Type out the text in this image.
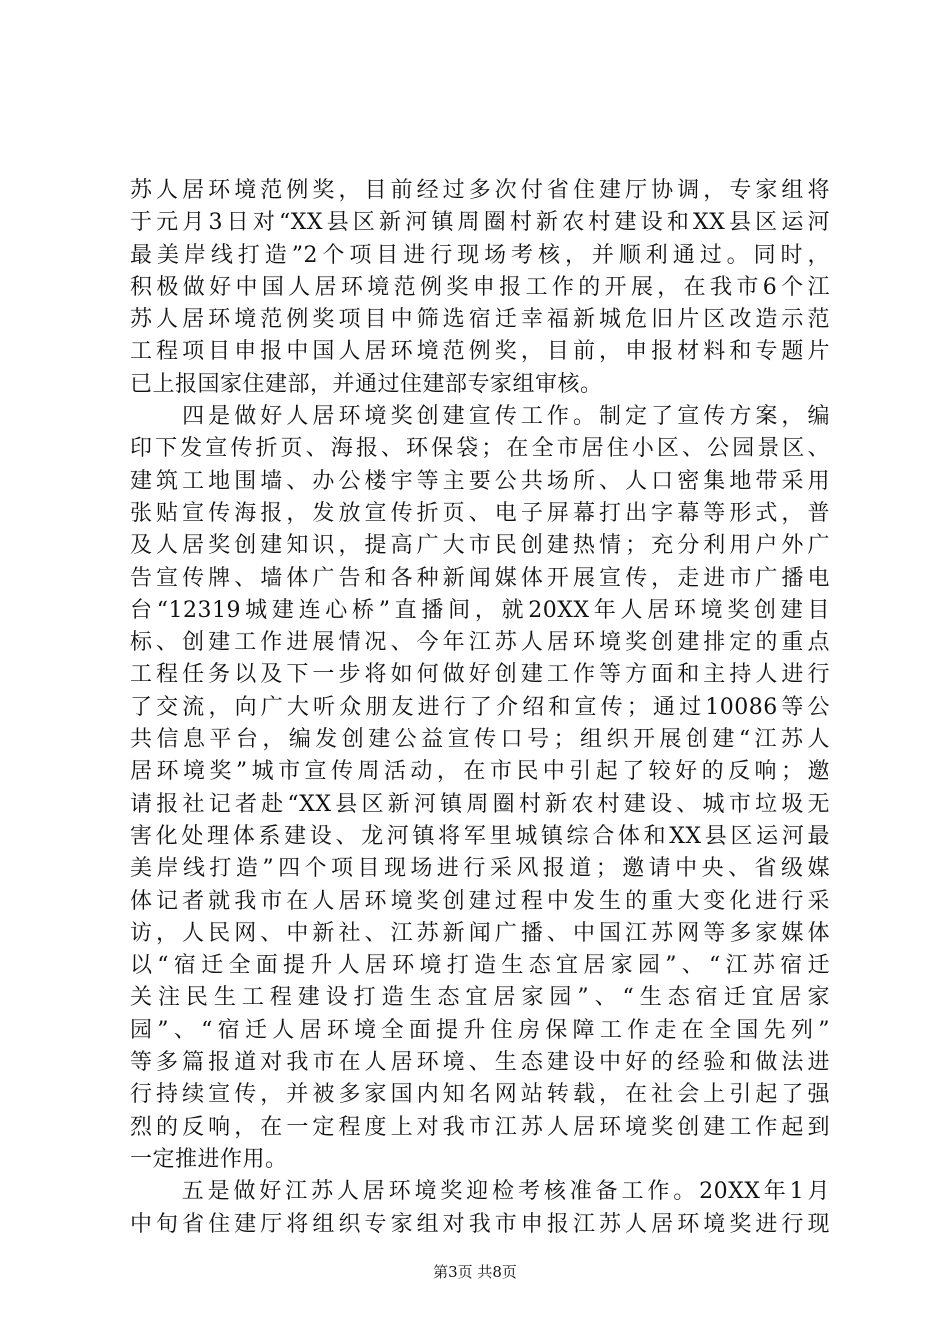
苏人居环境范例奖，目前经过多次付省住建厅协调，专家组将
于元月3日对“XX县区新河镇周圈村新农村建设和XX县区运河
最美岸线打造”2个项目进行现场考核，并顺利通过。同时，
积极做好中国人居环境范例奖申报工作的开展，在我市6个江
苏人居环境范例奖项目中筛选宿迁幸福新城危旧片区改造示范
工程项目申报中国人居环境范例奖，目前，申报材料和专题片
已上报国家住建部，并通过住建部专家组审核。
　　四是做好人居环境奖创建宣传工作。制定了宣传方案，编
印下发宣传折页、海报、环保袋；在全市居住小区、公园景区、
建筑工地围墙、办公楼宇等主要公共场所、人口密集地带采用
张贴宣传海报，发放宣传折页、电子屏幕打出字幕等形式，普
及人居奖创建知识，提高广大市民创建热情；充分利用户外广
告宣传牌、墙体广告和各种新闻媒体开展宣传，走进市广播电
台“12319城建连心桥”直播间，就20XX年人居环境奖创建目
标、创建工作进展情况、今年江苏人居环境奖创建排定的重点
工程任务以及下一步将如何做好创建工作等方面和主持人进行
了交流，向广大听众朋友进行了介绍和宣传；通过10086等公
共信息平台，编发创建公益宣传口号；组织开展创建“江苏人
居环境奖”城市宣传周活动，在市民中引起了较好的反响；邀
请报社记者赴“XX县区新河镇周圈村新农村建设、城市垃圾无
害化处理体系建设、龙河镇将军里城镇综合体和XX县区运河最
美岸线打造”四个项目现场进行采风报道；邀请中央、省级媒
体记者就我市在人居环境奖创建过程中发生的重大变化进行采
访，人民网、中新社、江苏新闻广播、中国江苏网等多家媒体
以“宿迁全面提升人居环境打造生态宜居家园”、“江苏宿迁
关注民生工程建设打造生态宜居家园”、“生态宿迁宜居家
园”、“宿迁人居环境全面提升住房保障工作走在全国先列”
等多篇报道对我市在人居环境、生态建设中好的经验和做法进
行持续宣传，并被多家国内知名网站转载，在社会上引起了强
烈的反响，在一定程度上对我市江苏人居环境奖创建工作起到
一定推进作用。
　　五是做好江苏人居环境奖迎检考核准备工作。20XX年1月
中旬省住建厅将组织专家组对我市申报江苏人居环境奖进行现
第3页 共8页
